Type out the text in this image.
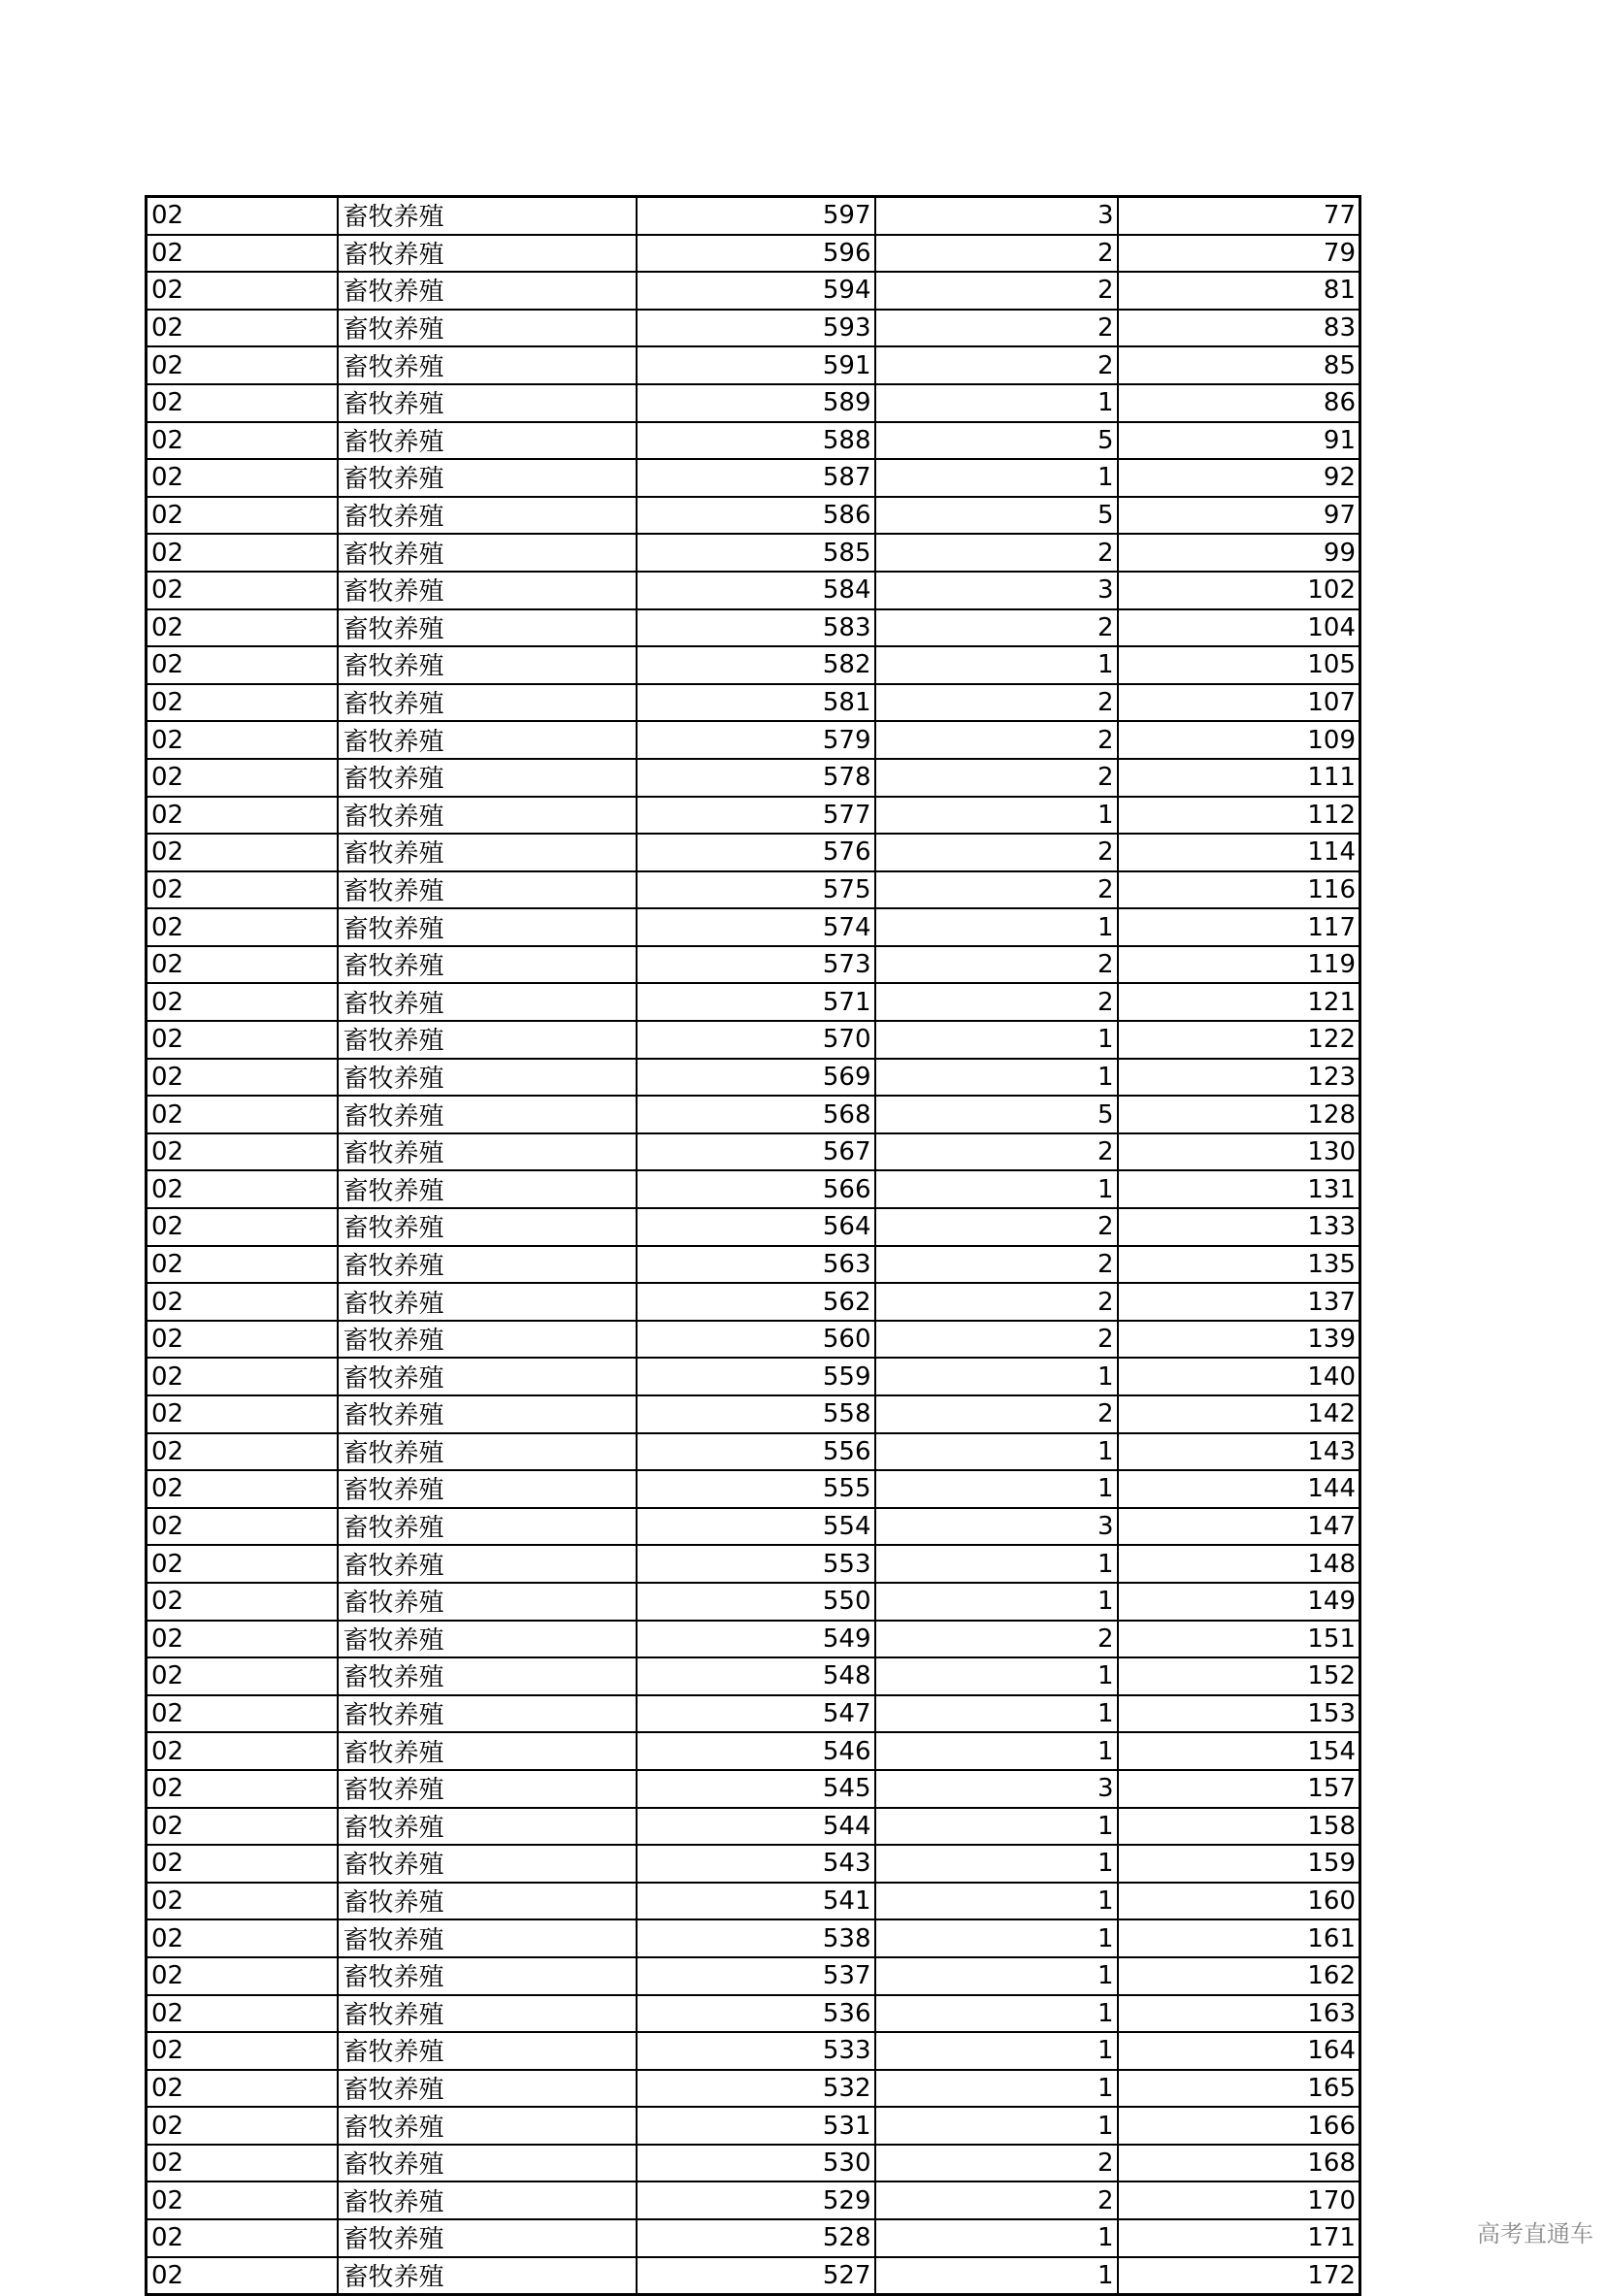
02	畜牧养殖	597	3	77
02	畜牧养殖	596	2	79
02	畜牧养殖	594	2	81
02	畜牧养殖	593	2	83
02	畜牧养殖	591	2	85
02	畜牧养殖	589	1	86
02	畜牧养殖	588	5	91
02	畜牧养殖	587	1	92
02	畜牧养殖	586	5	97
02	畜牧养殖	585	2	99
02	畜牧养殖	584	3	102
02	畜牧养殖	583	2	104
02	畜牧养殖	582	1	105
02	畜牧养殖	581	2	107
02	畜牧养殖	579	2	109
02	畜牧养殖	578	2	111
02	畜牧养殖	577	1	112
02	畜牧养殖	576	2	114
02	畜牧养殖	575	2	116
02	畜牧养殖	574	1	117
02	畜牧养殖	573	2	119
02	畜牧养殖	571	2	121
02	畜牧养殖	570	1	122
02	畜牧养殖	569	1	123
02	畜牧养殖	568	5	128
02	畜牧养殖	567	2	130
02	畜牧养殖	566	1	131
02	畜牧养殖	564	2	133
02	畜牧养殖	563	2	135
02	畜牧养殖	562	2	137
02	畜牧养殖	560	2	139
02	畜牧养殖	559	1	140
02	畜牧养殖	558	2	142
02	畜牧养殖	556	1	143
02	畜牧养殖	555	1	144
02	畜牧养殖	554	3	147
02	畜牧养殖	553	1	148
02	畜牧养殖	550	1	149
02	畜牧养殖	549	2	151
02	畜牧养殖	548	1	152
02	畜牧养殖	547	1	153
02	畜牧养殖	546	1	154
02	畜牧养殖	545	3	157
02	畜牧养殖	544	1	158
02	畜牧养殖	543	1	159
02	畜牧养殖	541	1	160
02	畜牧养殖	538	1	161
02	畜牧养殖	537	1	162
02	畜牧养殖	536	1	163
02	畜牧养殖	533	1	164
02	畜牧养殖	532	1	165
02	畜牧养殖	531	1	166
02	畜牧养殖	530	2	168
02	畜牧养殖	529	2	170
02	畜牧养殖	528	1	171
02	畜牧养殖	527	1	172
高考直通车
